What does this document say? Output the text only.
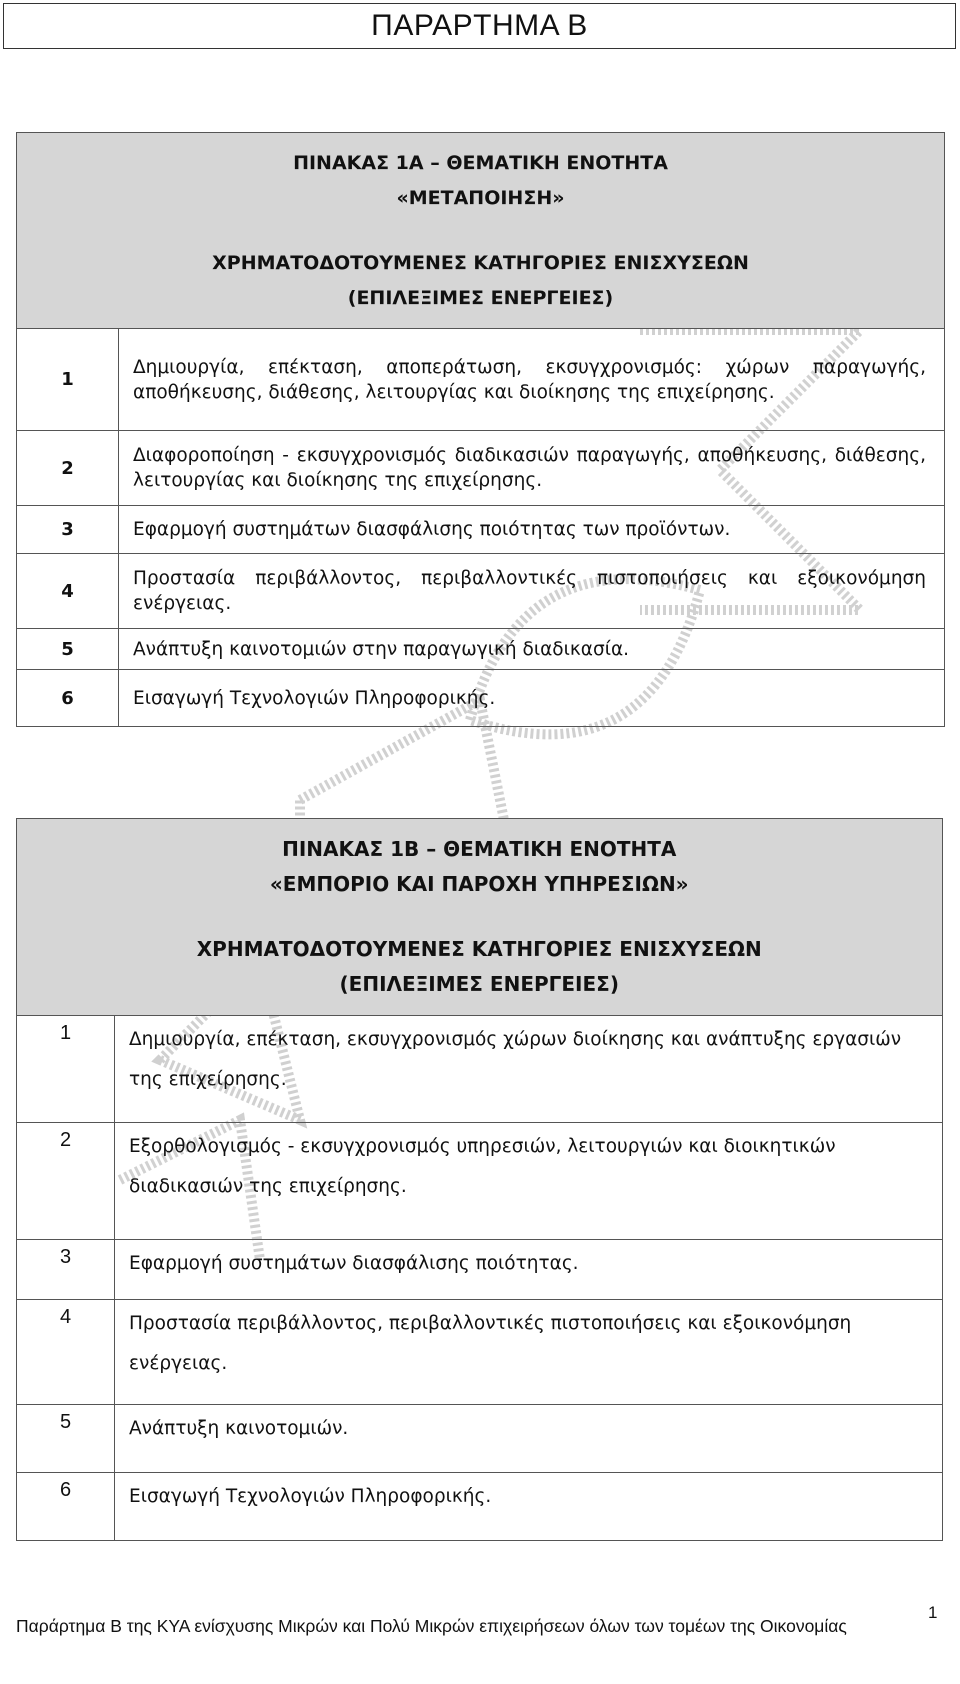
ΠΑΡΑΡΤΗΜΑ Β
ΠΙΝΑΚΑΣ 1Α – ΘΕΜΑΤΙΚΗ ΕΝΟΤΗΤΑ
«ΜΕΤΑΠΟΙΗΣΗ»
ΧΡΗΜΑΤΟΔΟΤΟΥΜΕΝΕΣ ΚΑΤΗΓΟΡΙΕΣ ΕΝΙΣΧΥΣΕΩΝ
(ΕΠΙΛΕΞΙΜΕΣ ΕΝΕΡΓΕΙΕΣ)	

1	Δημιουργία, επέκταση, αποπεράτωση, εκσυγχρονισμός: χώρων παραγωγής, αποθήκευσης, διάθεσης, λειτουργίας και διοίκησης της επιχείρησης.
2	Διαφοροποίηση - εκσυγχρονισμός διαδικασιών παραγωγής, αποθήκευσης, διάθεσης, λειτουργίας και διοίκησης της επιχείρησης.
3	Εφαρμογή συστημάτων διασφάλισης ποιότητας των προϊόντων.
4	Προστασία περιβάλλοντος, περιβαλλοντικές πιστοποιήσεις και εξοικονόμηση ενέργειας.
5	Ανάπτυξη καινοτομιών στην παραγωγική διαδικασία.
6	Εισαγωγή Τεχνολογιών Πληροφορικής.

	ΠΙΝΑΚΑΣ 1Β – ΘΕΜΑΤΙΚΗ ΕΝΟΤΗΤΑ
«ΕΜΠΟΡΙΟ ΚΑΙ ΠΑΡΟΧΗ ΥΠΗΡΕΣΙΩΝ»
ΧΡΗΜΑΤΟΔΟΤΟΥΜΕΝΕΣ ΚΑΤΗΓΟΡΙΕΣ ΕΝΙΣΧΥΣΕΩΝ
(ΕΠΙΛΕΞΙΜΕΣ ΕΝΕΡΓΕΙΕΣ)

1	Δημιουργία, επέκταση, εκσυγχρονισμός χώρων διοίκησης και ανάπτυξης εργασιών της επιχείρησης.
2	Εξορθολογισμός - εκσυγχρονισμός υπηρεσιών, λειτουργιών και διοικητικών διαδικασιών της επιχείρησης.
3	Εφαρμογή συστημάτων διασφάλισης ποιότητας.
4	Προστασία περιβάλλοντος, περιβαλλοντικές πιστοποιήσεις και εξοικονόμηση ενέργειας.
5	Ανάπτυξη καινοτομιών.
6	Εισαγωγή Τεχνολογιών Πληροφορικής.
Παράρτημα Β της ΚΥΑ ενίσχυσης Μικρών και Πολύ Μικρών επιχειρήσεων όλων των τομέων της Οικονομίας
1
